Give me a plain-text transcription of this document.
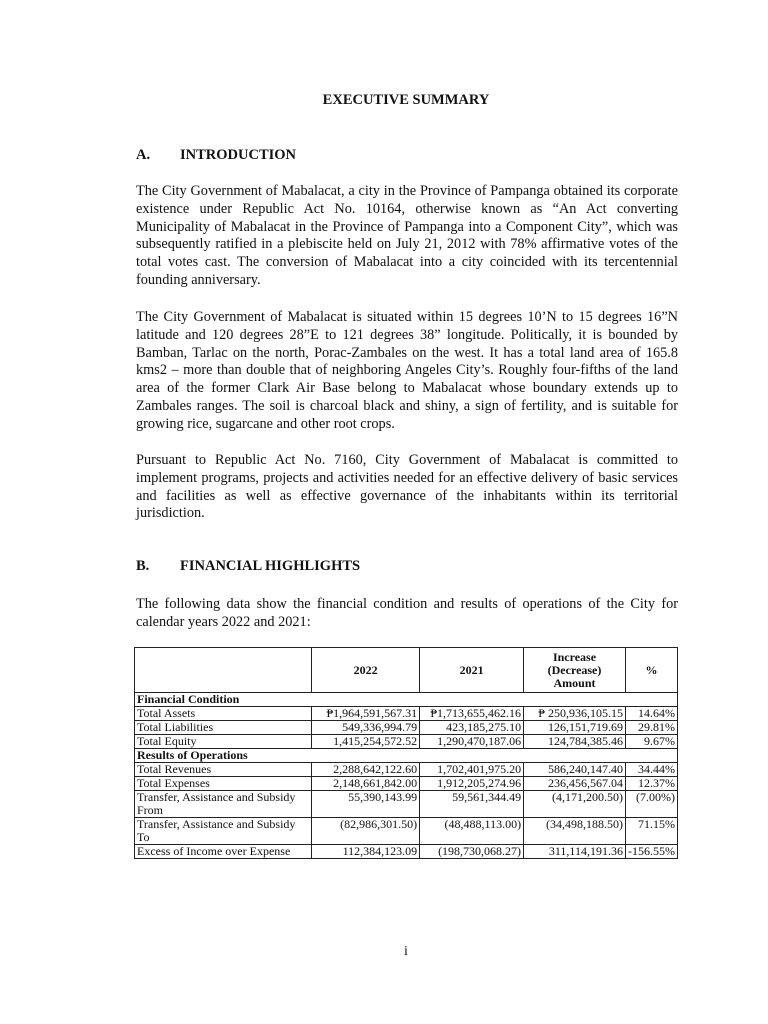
EXECUTIVE SUMMARY
A. INTRODUCTION

The City Government of Mabalacat, a city in the Province of Pampanga obtained its corporate existence under Republic Act No. 10164, otherwise known as “An Act converting Municipality of Mabalacat in the Province of Pampanga into a Component City”, which was subsequently ratified in a plebiscite held on July 21, 2012 with 78% affirmative votes of the total votes cast. The conversion of Mabalacat into a city coincided with its tercentennial founding anniversary.

The City Government of Mabalacat is situated within 15 degrees 10’N to 15 degrees 16”N latitude and 120 degrees 28”E to 121 degrees 38” longitude. Politically, it is bounded by Bamban, Tarlac on the north, Porac-Zambales on the west. It has a total land area of 165.8 kms2 – more than double that of neighboring Angeles City’s. Roughly four-fifths of the land area of the former Clark Air Base belong to Mabalacat whose boundary extends up to Zambales ranges. The soil is charcoal black and shiny, a sign of fertility, and is suitable for growing rice, sugarcane and other root crops.

Pursuant to Republic Act No. 7160, City Government of Mabalacat is committed to implement programs, projects and activities needed for an effective delivery of basic services and facilities as well as effective governance of the inhabitants within its territorial jurisdiction.

B. FINANCIAL HIGHLIGHTS

The following data show the financial condition and results of operations of the City for calendar years 2022 and 2021:

	2022	2021	Increase
(Decrease)
Amount	%
Financial Condition				
Total Assets	₱1,964,591,567.31	₱1,713,655,462.16	₱ 250,936,105.15	14.64%
Total Liabilities	549,336,994.79	423,185,275.10	126,151,719.69	29.81%
Total Equity	1,415,254,572.52	1,290,470,187.06	124,784,385.46	9.67%
Results of Operations				
Total Revenues	2,288,642,122.60	1,702,401,975.20	586,240,147.40	34.44%
Total Expenses	2,148,661,842.00	1,912,205,274.96	236,456,567.04	12.37%
Transfer, Assistance and Subsidy From	55,390,143.99	59,561,344.49	(4,171,200.50)	(7.00%)
Transfer, Assistance and Subsidy To	(82,986,301.50)	(48,488,113.00)	(34,498,188.50)	71.15%
Excess of Income over Expense	112,384,123.09	(198,730,068.27)	311,114,191.36	-156.55%
i
